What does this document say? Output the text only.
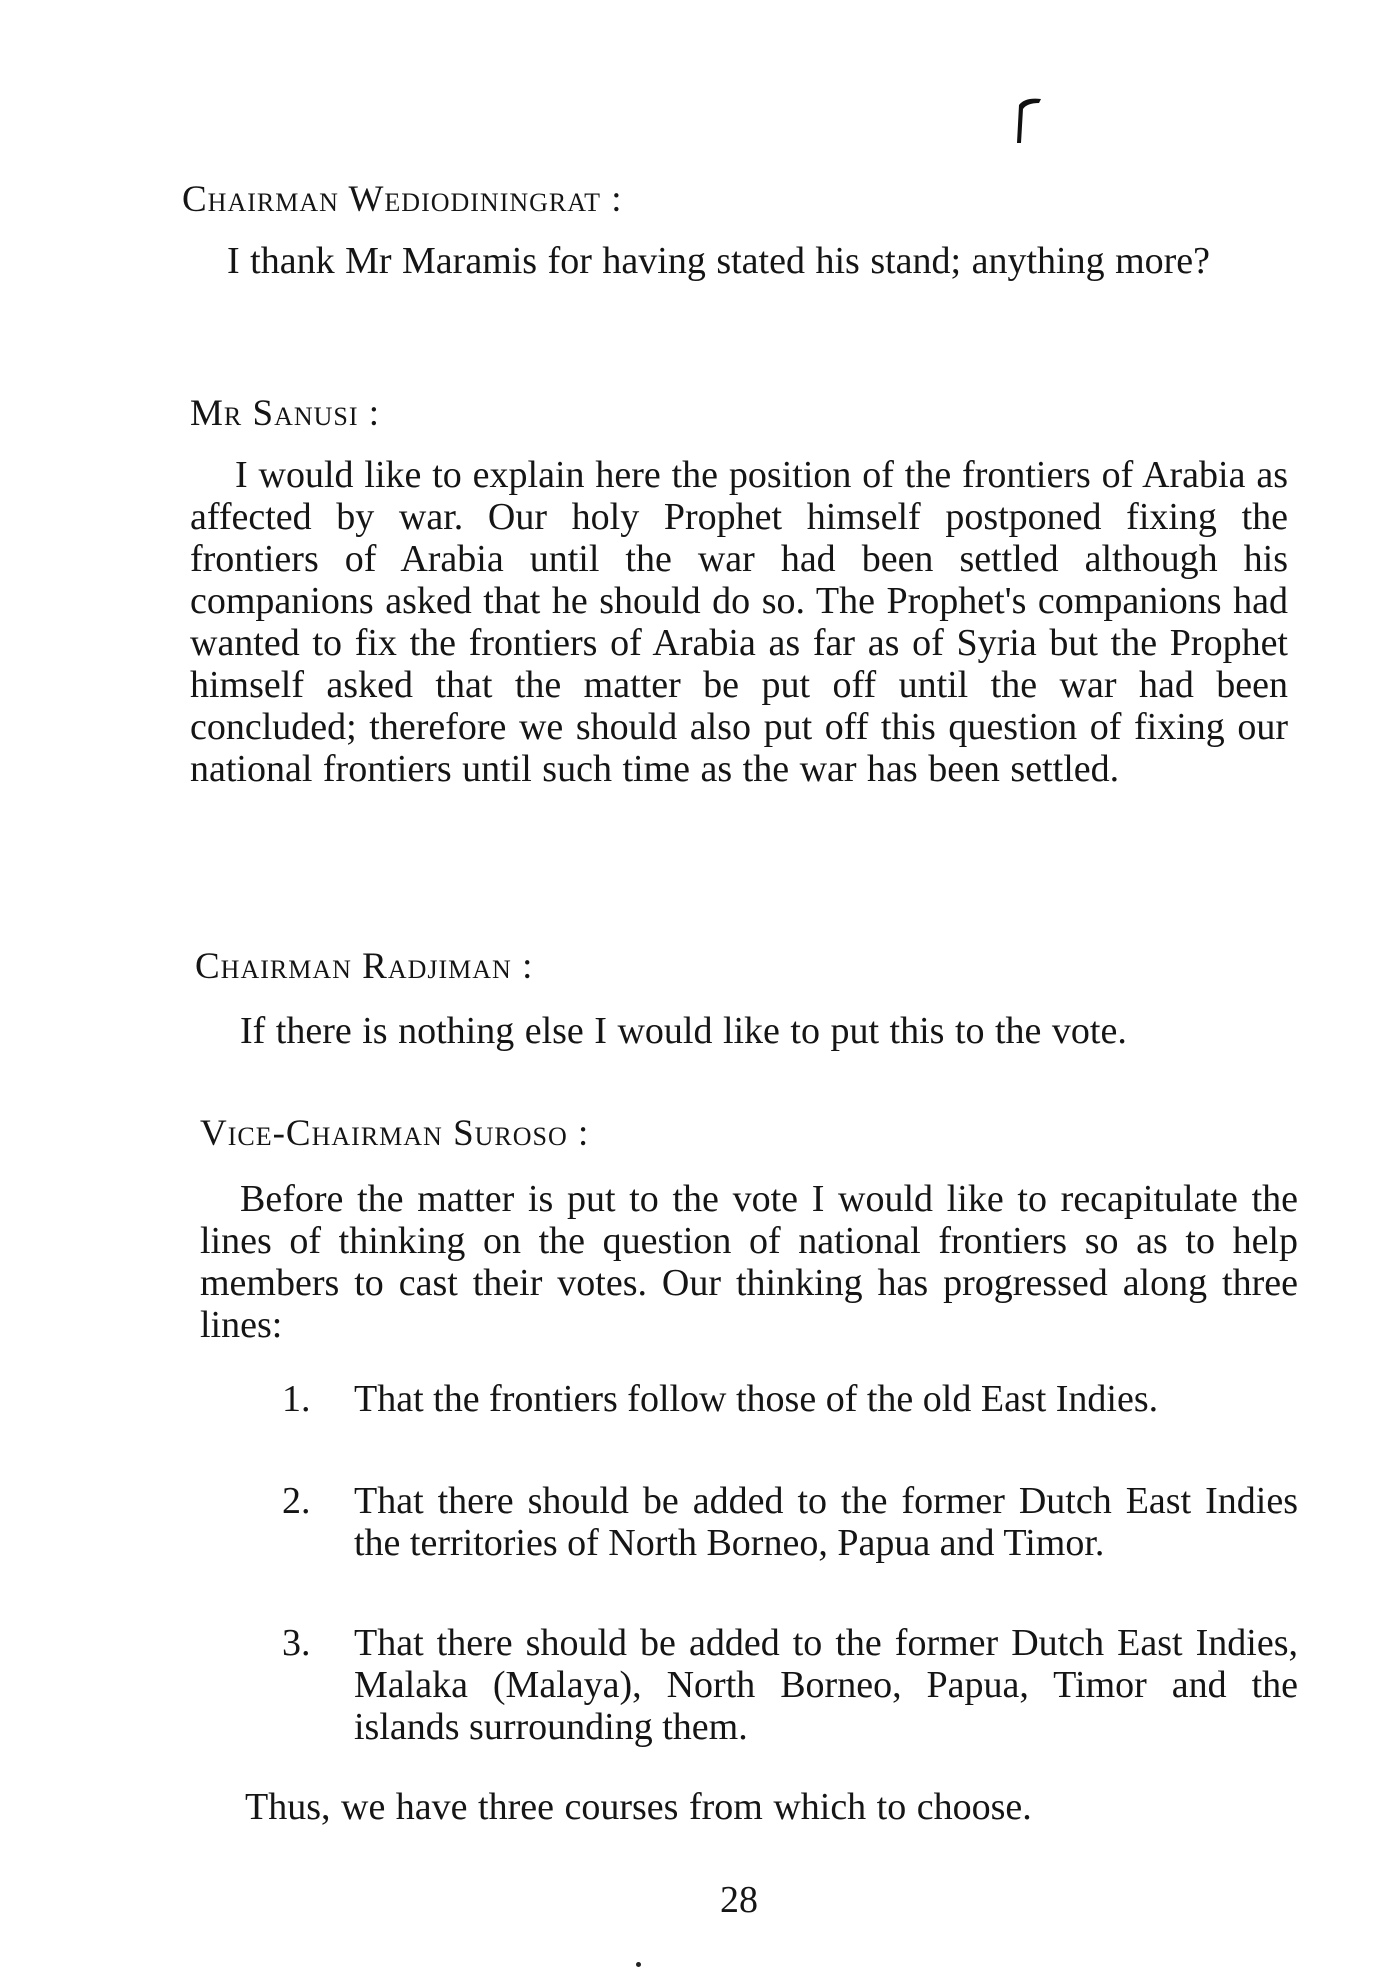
Chairman Wediodiningrat :
I thank Mr Maramis for having stated his stand; anything more?
Mr Sanusi :
I would like to explain here the position of the frontiers of Arabia as affected by war. Our holy Prophet himself postponed fixing the frontiers of Arabia until the war had been settled although his companions asked that he should do so. The Prophet's companions had wanted to fix the frontiers of Arabia as far as of Syria but the Prophet himself asked that the matter be put off until the war had been concluded; therefore we should also put off this question of fixing our national frontiers until such time as the war has been settled.
Chairman Radjiman :
If there is nothing else I would like to put this to the vote.
Vice-Chairman Suroso :
Before the matter is put to the vote I would like to recapitulate the lines of thinking on the question of national frontiers so as to help members to cast their votes. Our thinking has progressed along three lines:
1.	That the frontiers follow those of the old East Indies.
2.	That there should be added to the former Dutch East Indies the territories of North Borneo, Papua and Timor.
3.	That there should be added to the former Dutch East Indies, Malaka (Malaya), North Borneo, Papua, Timor and the islands surrounding them.
Thus, we have three courses from which to choose.
28
